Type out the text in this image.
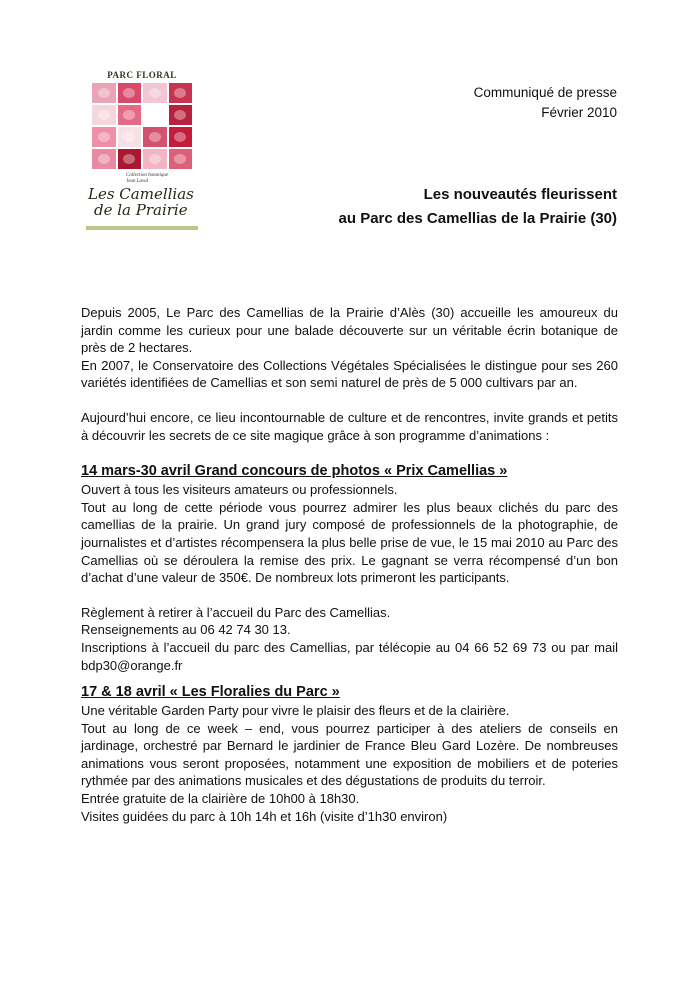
PARC FLORAL
Collection botanique
Jean Laval
Les Camellias
de la Prairie
Communiqué de presse
Février 2010
Les nouveautés fleurissent
au Parc des Camellias de la Prairie (30)

Depuis 2005, Le Parc des Camellias de la Prairie d’Alès (30) accueille les amoureux du jardin comme les curieux pour une balade découverte sur un véritable écrin botanique de près de 2 hectares.

En 2007, le Conservatoire des Collections Végétales Spécialisées le distingue pour ses 260 variétés identifiées de Camellias et son semi naturel de près de 5 000 cultivars par an.

Aujourd’hui encore, ce lieu incontournable de culture et de rencontres, invite grands et petits à découvrir les secrets de ce site magique grâce à son programme d’animations :

14 mars-30 avril Grand concours de photos « Prix Camellias »

Ouvert à tous les visiteurs amateurs ou professionnels.

Tout au long de cette période vous pourrez admirer les plus beaux clichés du parc des camellias de la prairie. Un grand jury composé de professionnels de la photographie, de journalistes et d’artistes récompensera la plus belle prise de vue, le 15 mai 2010 au Parc des Camellias où se déroulera la remise des prix. Le gagnant se verra récompensé d’un bon d’achat d’une valeur de 350€. De nombreux lots primeront les participants.

Règlement à retirer à l’accueil du Parc des Camellias.

Renseignements au 06 42 74 30 13.

Inscriptions à l’accueil du parc des Camellias, par télécopie au 04 66 52 69 73 ou par mail bdp30@orange.fr

17 & 18 avril « Les Floralies du Parc »

Une véritable Garden Party pour vivre le plaisir des fleurs et de la clairière.

Tout au long de ce week – end, vous pourrez participer à des ateliers de conseils en jardinage, orchestré par Bernard le jardinier de France Bleu Gard Lozère. De nombreuses animations vous seront proposées, notamment une exposition de mobiliers et de poteries rythmée par des animations musicales et des dégustations de produits du terroir.

Entrée gratuite de la clairière de 10h00 à 18h30.

Visites guidées du parc à 10h 14h et 16h (visite d’1h30 environ)
